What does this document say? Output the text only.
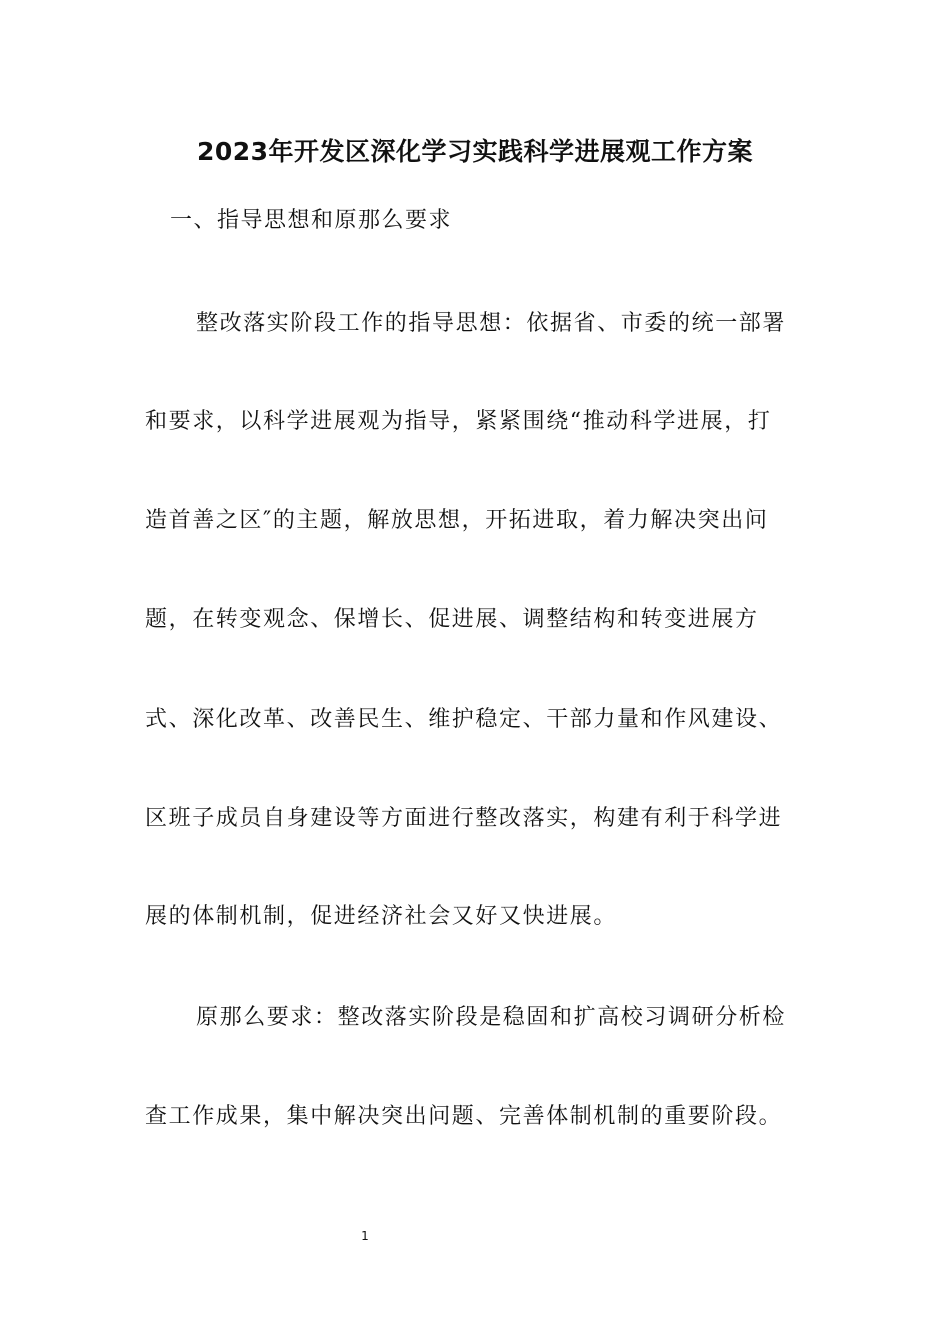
2023年开发区深化学习实践科学进展观工作方案

一、指导思想和原那么要求

整改落实阶段工作的指导思想：依据省、市委的统一部署

和要求，以科学进展观为指导，紧紧围绕“推动科学进展，打

造首善之区″的主题，解放思想，开拓进取，着力解决突出问

题，在转变观念、保增长、促进展、调整结构和转变进展方

式、深化改革、改善民生、维护稳定、干部力量和作风建设、

区班子成员自身建设等方面进行整改落实，构建有利于科学进

展的体制机制，促进经济社会又好又快进展。

原那么要求：整改落实阶段是稳固和扩高校习调研分析检

查工作成果，集中解决突出问题、完善体制机制的重要阶段。

1
